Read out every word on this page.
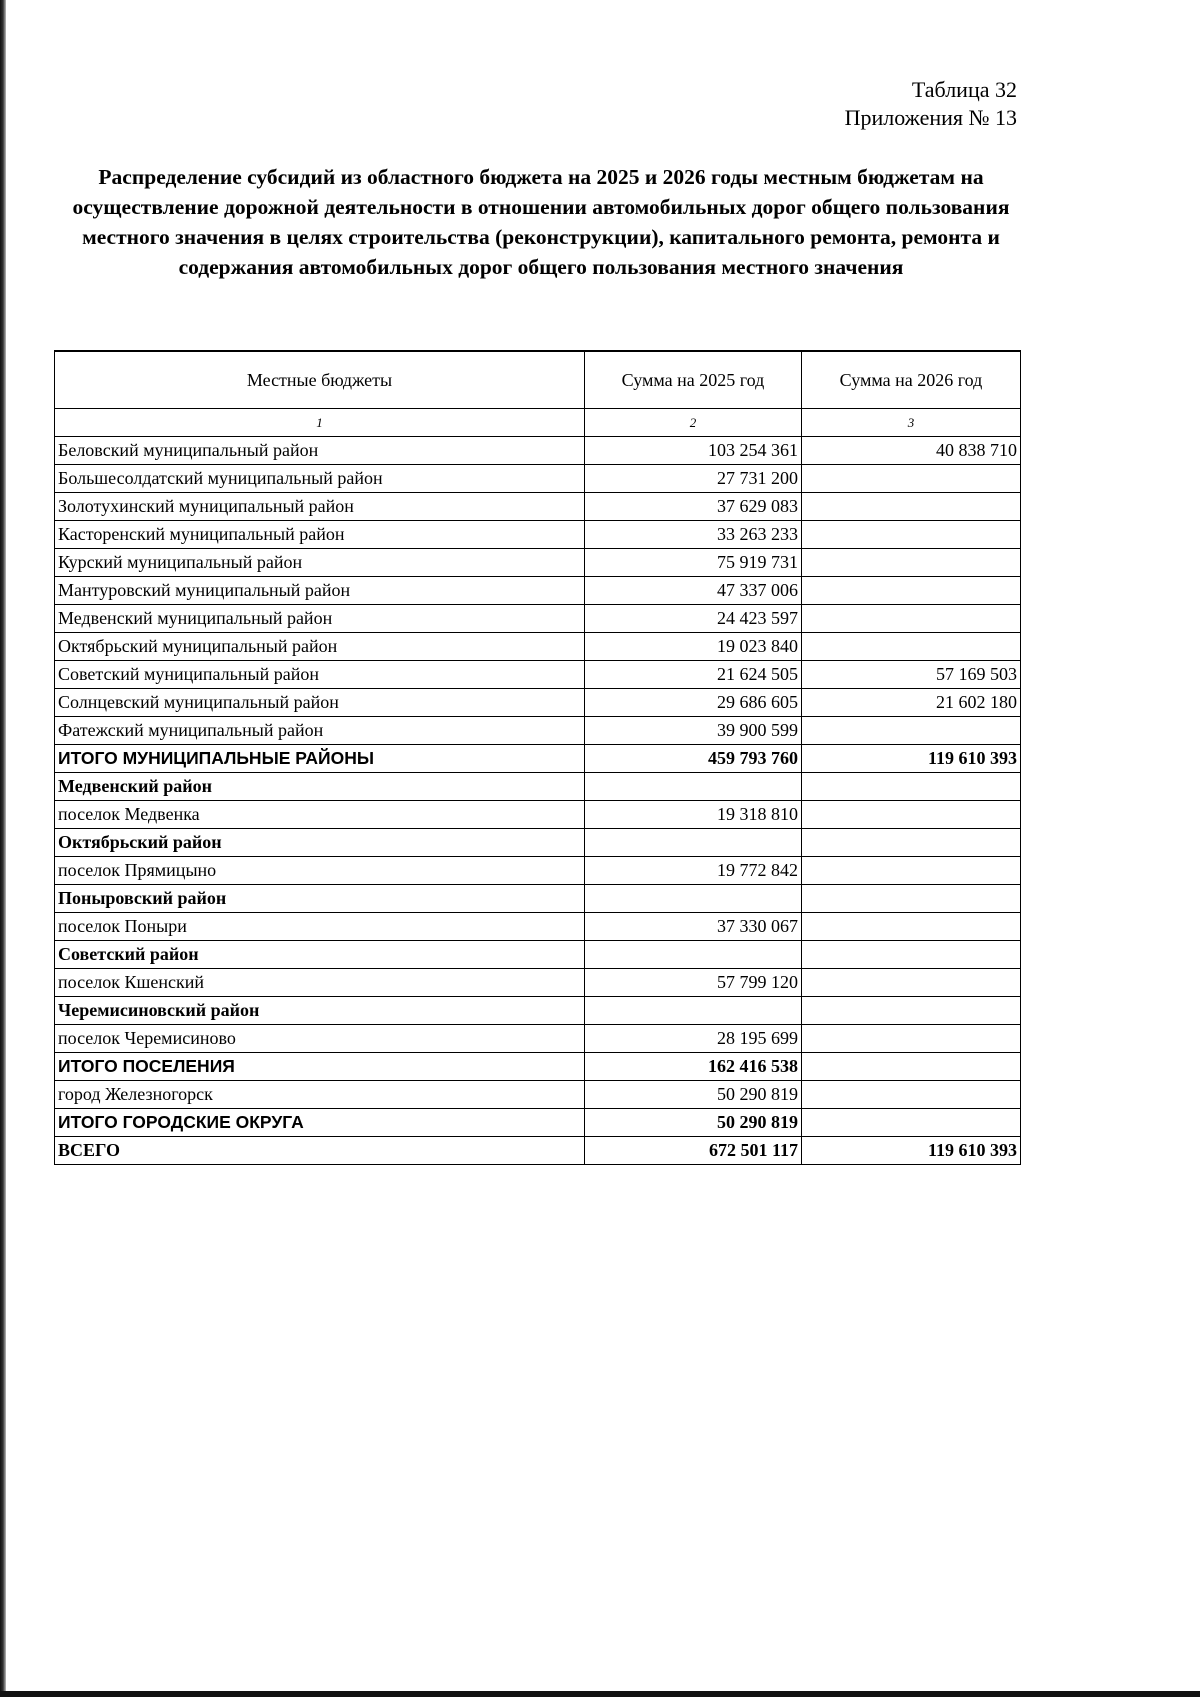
Таблица 32
Приложения № 13
Распределение субсидий из областного бюджета на 2025 и 2026 годы местным бюджетам на осуществление дорожной деятельности в отношении автомобильных дорог общего пользования местного значения в целях строительства (реконструкции), капитального ремонта, ремонта и содержания автомобильных дорог общего пользования местного значения
Местные бюджеты	Сумма на 2025 год	Сумма на 2026 год
1	2	3
Беловский муниципальный район	103 254 361	40 838 710
Большесолдатский муниципальный район	27 731 200	
Золотухинский муниципальный район	37 629 083	
Касторенский муниципальный район	33 263 233	
Курский муниципальный район	75 919 731	
Мантуровский муниципальный район	47 337 006	
Медвенский муниципальный район	24 423 597	
Октябрьский муниципальный район	19 023 840	
Советский муниципальный район	21 624 505	57 169 503
Солнцевский муниципальный район	29 686 605	21 602 180
Фатежский муниципальный район	39 900 599	
ИТОГО МУНИЦИПАЛЬНЫЕ РАЙОНЫ	459 793 760	119 610 393
Медвенский район		
поселок Медвенка	19 318 810	
Октябрьский район		
поселок Прямицыно	19 772 842	
Поныровский район		
поселок Поныри	37 330 067	
Советский район		
поселок Кшенский	57 799 120	
Черемисиновский район		
поселок Черемисиново	28 195 699	
ИТОГО ПОСЕЛЕНИЯ	162 416 538	
город Железногорск	50 290 819	
ИТОГО ГОРОДСКИЕ ОКРУГА	50 290 819	
ВСЕГО	672 501 117	119 610 393
